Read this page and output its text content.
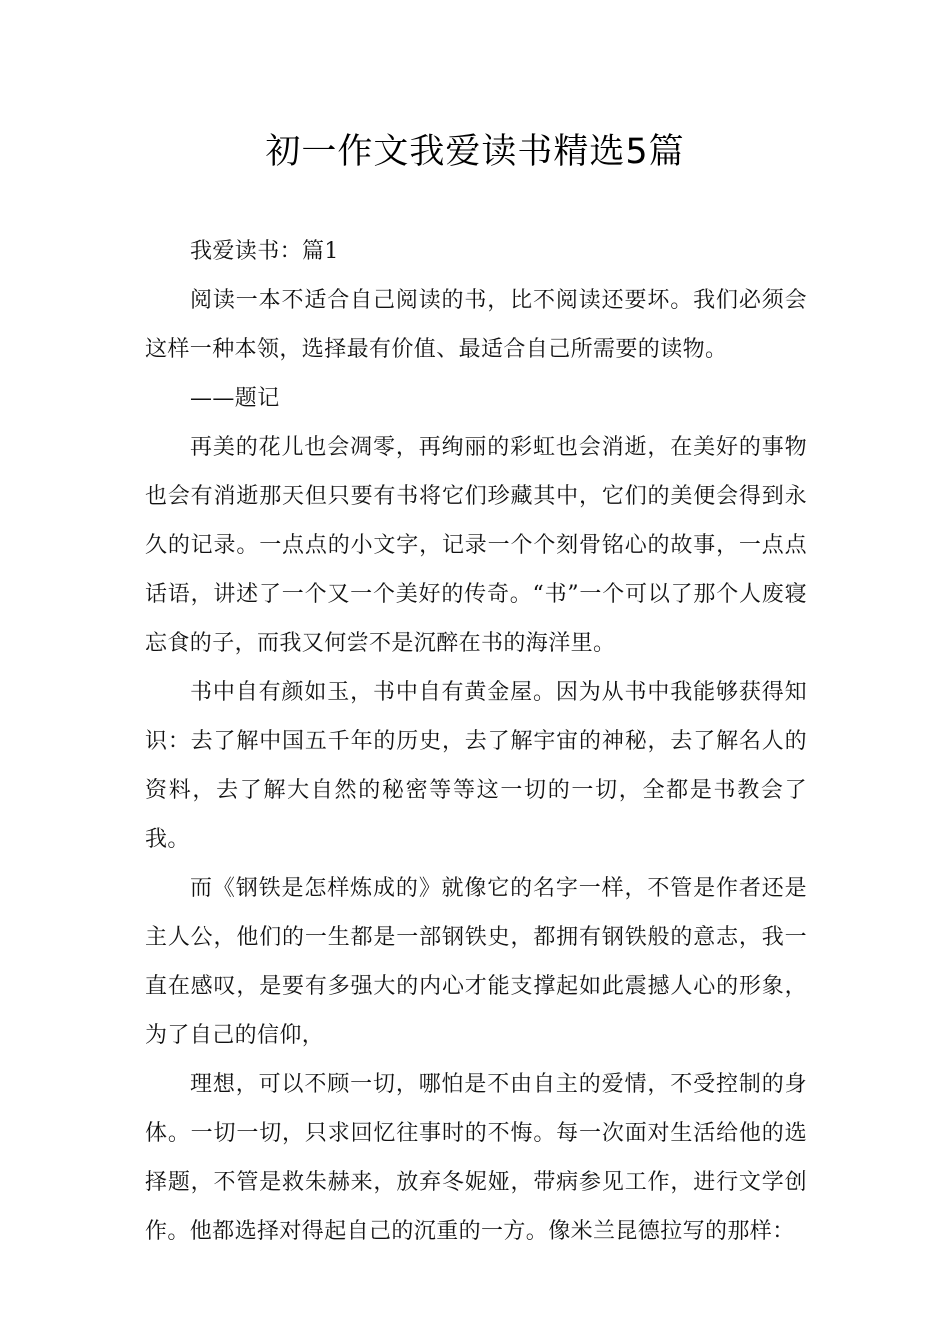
初一作文我爱读书精选5篇

我爱读书：篇1

阅读一本不适合自己阅读的书，比不阅读还要坏。我们必须会这样一种本领，选择最有价值、最适合自己所需要的读物。

——题记

再美的花儿也会凋零，再绚丽的彩虹也会消逝，在美好的事物也会有消逝那天但只要有书将它们珍藏其中，它们的美便会得到永久的记录。一点点的小文字，记录一个个刻骨铭心的故事，一点点话语，讲述了一个又一个美好的传奇。“书”一个可以了那个人废寝忘食的子，而我又何尝不是沉醉在书的海洋里。

书中自有颜如玉，书中自有黄金屋。因为从书中我能够获得知识：去了解中国五千年的历史，去了解宇宙的神秘，去了解名人的资料，去了解大自然的秘密等等这一切的一切，全都是书教会了我。

而《钢铁是怎样炼成的》就像它的名字一样，不管是作者还是主人公，他们的一生都是一部钢铁史，都拥有钢铁般的意志，我一直在感叹，是要有多强大的内心才能支撑起如此震撼人心的形象，为了自己的信仰，

理想，可以不顾一切，哪怕是不由自主的爱情，不受控制的身体。一切一切，只求回忆往事时的不悔。每一次面对生活给他的选择题，不管是救朱赫来，放弃冬妮娅，带病参见工作，进行文学创作。他都选择对得起自己的沉重的一方。像米兰昆德拉写的那样：
